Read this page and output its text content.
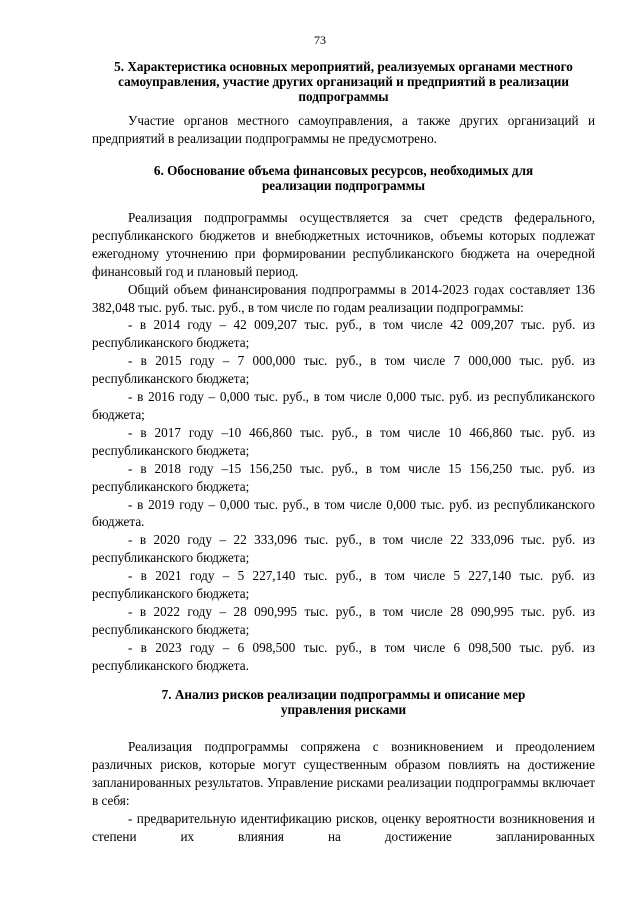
73
5. Характеристика основных мероприятий, реализуемых органами местного самоуправления, участие других организаций и предприятий в реализации подпрограммы

Участие органов местного самоуправления, а также других организаций и предприятий в реализации подпрограммы не предусмотрено.

6. Обоснование объема финансовых ресурсов, необходимых для реализации подпрограммы

Реализация подпрограммы осуществляется за счет средств федерального, республиканского бюджетов и внебюджетных источников, объемы которых подлежат ежегодному уточнению при формировании республиканского бюджета на очередной финансовый год и плановый период.

Общий объем финансирования подпрограммы в 2014-2023 годах составляет 136 382,048 тыс. руб. тыс. руб., в том числе по годам реализации подпрограммы:

- в 2014 году – 42 009,207 тыс. руб., в том числе 42 009,207 тыс. руб. из республиканского бюджета;

- в 2015 году – 7 000,000 тыс. руб., в том числе 7 000,000 тыс. руб. из республиканского бюджета;

- в 2016 году – 0,000 тыс. руб., в том числе 0,000 тыс. руб. из республиканского бюджета;

- в 2017 году –10 466,860 тыс. руб., в том числе 10 466,860 тыс. руб. из республиканского бюджета;

- в 2018 году –15 156,250 тыс. руб., в том числе 15 156,250 тыс. руб. из республиканского бюджета;

- в 2019 году – 0,000 тыс. руб., в том числе 0,000 тыс. руб. из республиканского бюджета.

- в 2020 году – 22 333,096 тыс. руб., в том числе 22 333,096 тыс. руб. из республиканского бюджета;

- в 2021 году – 5 227,140 тыс. руб., в том числе 5 227,140 тыс. руб. из республиканского бюджета;

- в 2022 году – 28 090,995 тыс. руб., в том числе 28 090,995 тыс. руб. из республиканского бюджета;

- в 2023 году – 6 098,500 тыс. руб., в том числе 6 098,500 тыс. руб. из республиканского бюджета.

7. Анализ рисков реализации подпрограммы и описание мер управления рисками

Реализация подпрограммы сопряжена с возникновением и преодолением различных рисков, которые могут существенным образом повлиять на достижение запланированных результатов. Управление рисками реализации подпрограммы включает в себя:

- предварительную идентификацию рисков, оценку вероятности возникновения и степени их влияния на достижение запланированных
